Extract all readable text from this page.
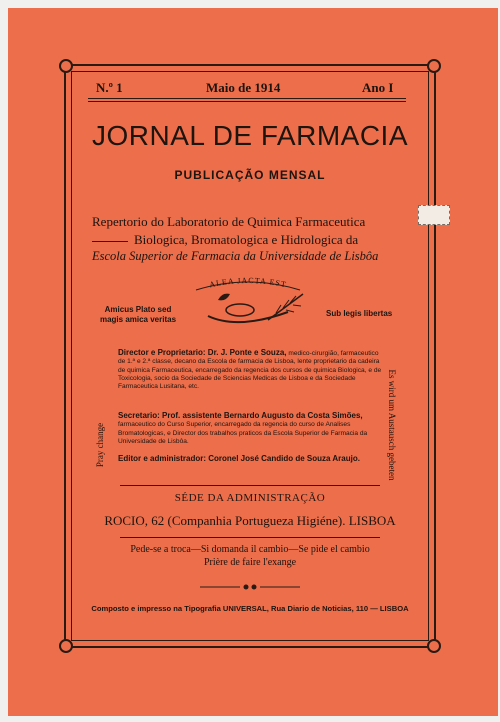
N.º 1	Maio de 1914	Ano I
JORNAL DE FARMACIA
PUBLICAÇÃO MENSAL
Repertorio do Laboratorio de Quimica Farmaceutica
Biologica, Bromatologica e Hidrologica da
Escola Superior de Farmacia da Universidade de Lisbôa
ALEA JACTA EST
Amicus Plato sed magis amica veritas
Sub legis libertas
Director e Proprietario: Dr. J. Ponte e Souza, medico-cirurgião, farmaceutico de 1.ª e 2.ª classe, decano da Escola de farmacia de Lisboa, lente proprietario da cadeira de quimica Farmaceutica, encarregado da regencia dos cursos de quimica Biologica, e de Toxicologia, socio da Sociedade de Sciencias Medicas de Lisboa e da Sociedade Farmaceutica Lusitana, etc.
Secretario: Prof. assistente Bernardo Augusto da Costa Simões, farmaceutico do Curso Superior, encarregado da regencia do curso de Analises Bromatologicas, e Director dos trabalhos praticos da Escola Superior de Farmacia da Universidade de Lisbôa.
Editor e administrador: Coronel José Candido de Souza Araujo.
Pray change	Es wird um Austausch gebeten
SÉDE DA ADMINISTRAÇÃO
ROCIO, 62 (Companhia Portugueza Higiéne). LISBOA
Pede-se a troca—Si domanda il cambio—Se pide el cambio
Prière de faire l'exange
Composto e impresso na Tipografia UNIVERSAL, Rua Diario de Noticias, 110 — LISBOA
